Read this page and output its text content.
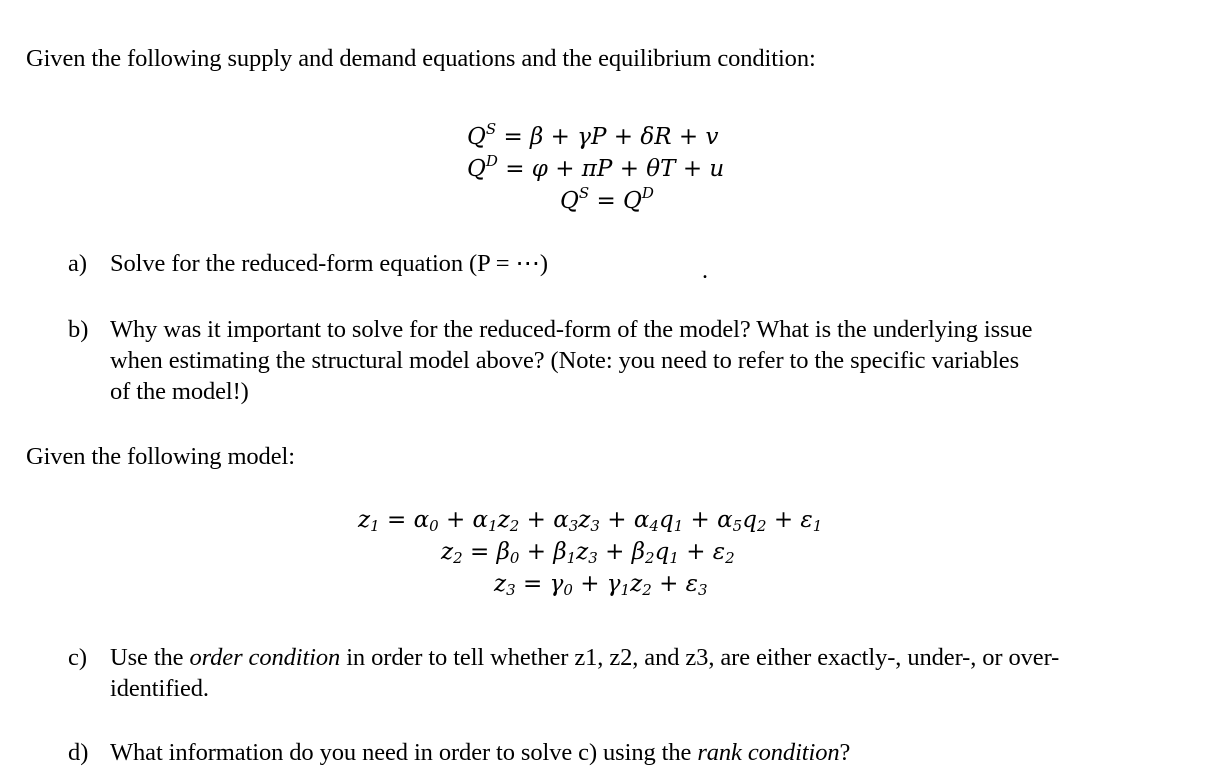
Given the following supply and demand equations and the equilibrium condition:
$Q^S = \beta + \gamma P + \delta R + v$
$Q^D = \varphi + \pi P + \theta T + u$
$Q^S = Q^D$
a) Solve for the reduced-form equation (P = ⋯)	.
b) Why was it important to solve for the reduced-form of the model? What is the underlying issue
when estimating the structural model above? (Note: you need to refer to the specific variables
of the model!)
Given the following model:
$z_1 = \alpha_0 + \alpha_1z_2 + \alpha_3z_3 + \alpha_4q_1 + \alpha_5q_2 + \varepsilon_1$
$z_2 = \beta_0 + \beta_1z_3 + \beta_2q_1 + \varepsilon_2$
$z_3 = \gamma_0 + \gamma_1z_2 + \varepsilon_3$
c) Use the order condition in order to tell whether z1, z2, and z3, are either exactly-, under-, or over-
identified.
d) What information do you need in order to solve c) using the rank condition?
